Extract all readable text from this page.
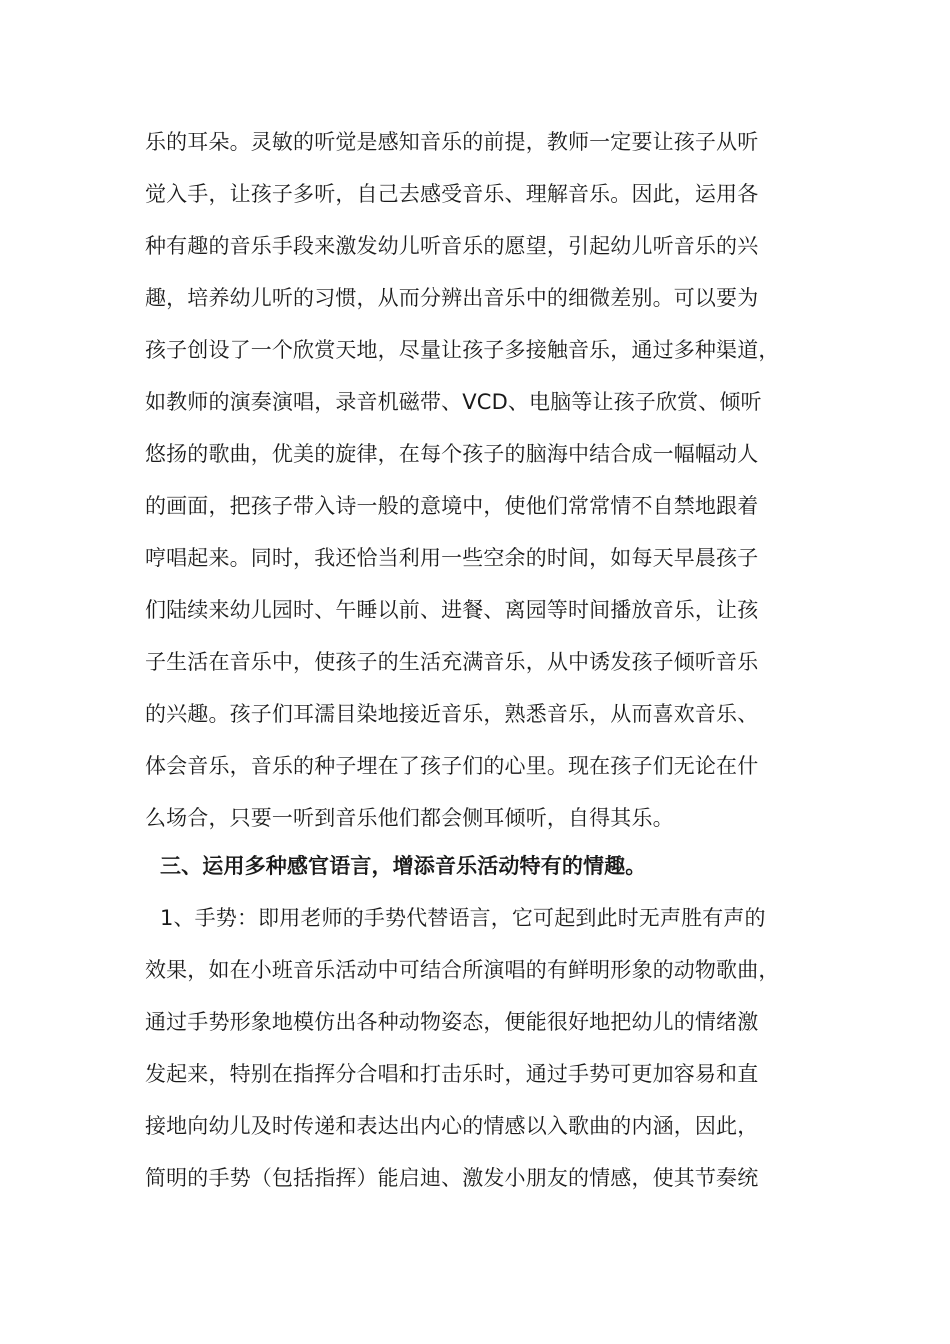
乐的耳朵。灵敏的听觉是感知音乐的前提，教师一定要让孩子从听
觉入手，让孩子多听，自己去感受音乐、理解音乐。因此，运用各
种有趣的音乐手段来激发幼儿听音乐的愿望，引起幼儿听音乐的兴
趣，培养幼儿听的习惯，从而分辨出音乐中的细微差别。可以要为
孩子创设了一个欣赏天地，尽量让孩子多接触音乐，通过多种渠道，
如教师的演奏演唱，录音机磁带、VCD、电脑等让孩子欣赏、倾听
悠扬的歌曲，优美的旋律，在每个孩子的脑海中结合成一幅幅动人
的画面，把孩子带入诗一般的意境中，使他们常常情不自禁地跟着
哼唱起来。同时，我还恰当利用一些空余的时间，如每天早晨孩子
们陆续来幼儿园时、午睡以前、进餐、离园等时间播放音乐，让孩
子生活在音乐中，使孩子的生活充满音乐，从中诱发孩子倾听音乐
的兴趣。孩子们耳濡目染地接近音乐，熟悉音乐，从而喜欢音乐、
体会音乐，音乐的种子埋在了孩子们的心里。现在孩子们无论在什
么场合，只要一听到音乐他们都会侧耳倾听，自得其乐。
三、运用多种感官语言，增添音乐活动特有的情趣。
1、手势：即用老师的手势代替语言，它可起到此时无声胜有声的
效果，如在小班音乐活动中可结合所演唱的有鲜明形象的动物歌曲，
通过手势形象地模仿出各种动物姿态，便能很好地把幼儿的情绪激
发起来，特别在指挥分合唱和打击乐时，通过手势可更加容易和直
接地向幼儿及时传递和表达出内心的情感以入歌曲的内涵，因此，
简明的手势（包括指挥）能启迪、激发小朋友的情感，使其节奏统
